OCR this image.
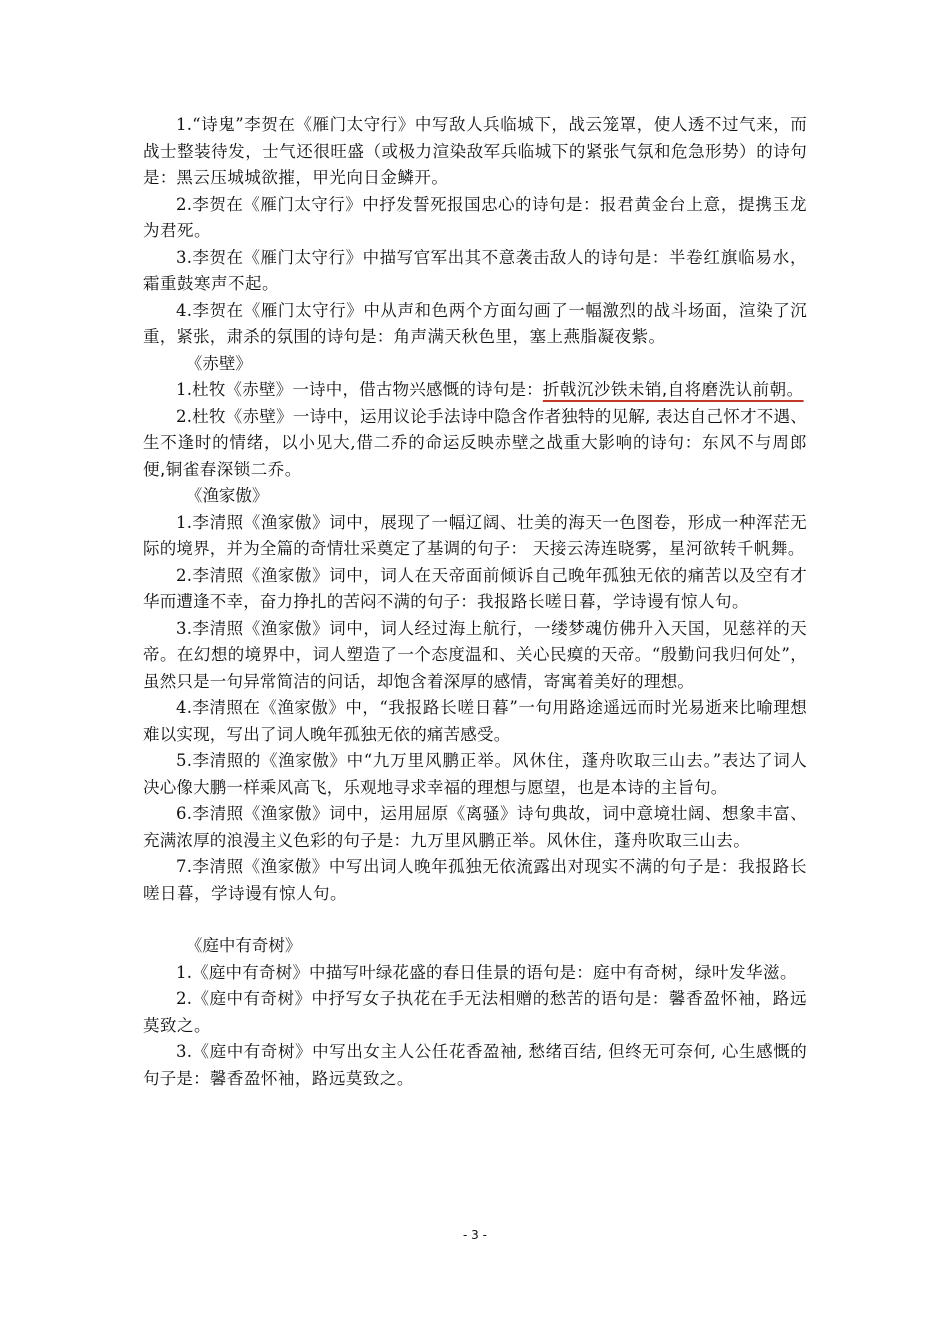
1.“诗鬼”李贺在《雁门太守行》中写敌人兵临城下，战云笼罩，使人透不过气来，而战士整装待发，士气还很旺盛（或极力渲染敌军兵临城下的紧张气氛和危急形势）的诗句是：黑云压城城欲摧，甲光向日金鳞开。

2.李贺在《雁门太守行》中抒发誓死报国忠心的诗句是：报君黄金台上意，提携玉龙为君死。

3.李贺在《雁门太守行》中描写官军出其不意袭击敌人的诗句是：半卷红旗临易水，霜重鼓寒声不起。

4.李贺在《雁门太守行》中从声和色两个方面勾画了一幅激烈的战斗场面，渲染了沉重，紧张，肃杀的氛围的诗句是：角声满天秋色里，塞上燕脂凝夜紫。

《赤壁》

1.杜牧《赤壁》一诗中，借古物兴感慨的诗句是：折戟沉沙铁未销,自将磨洗认前朝。

2.杜牧《赤壁》一诗中，运用议论手法诗中隐含作者独特的见解, 表达自己怀才不遇、生不逢时的情绪，以小见大,借二乔的命运反映赤壁之战重大影响的诗句：东风不与周郎便,铜雀春深锁二乔。

《渔家傲》

1.李清照《渔家傲》词中，展现了一幅辽阔、壮美的海天一色图卷，形成一种浑茫无际的境界，并为全篇的奇情壮采奠定了基调的句子： 天接云涛连晓雾，星河欲转千帆舞。

2.李清照《渔家傲》词中，词人在天帝面前倾诉自己晚年孤独无依的痛苦以及空有才华而遭逢不幸，奋力挣扎的苦闷不满的句子：我报路长嗟日暮，学诗谩有惊人句。

3.李清照《渔家傲》词中，词人经过海上航行，一缕梦魂仿佛升入天国，见慈祥的天帝。在幻想的境界中，词人塑造了一个态度温和、关心民瘼的天帝。“殷勤问我归何处”，虽然只是一句异常简洁的问话，却饱含着深厚的感情，寄寓着美好的理想。

4.李清照在《渔家傲》中，“我报路长嗟日暮”一句用路途遥远而时光易逝来比喻理想难以实现，写出了词人晚年孤独无依的痛苦感受。

5.李清照的《渔家傲》中“九万里风鹏正举。风休住，蓬舟吹取三山去。”表达了词人决心像大鹏一样乘风高飞，乐观地寻求幸福的理想与愿望，也是本诗的主旨句。

6.李清照《渔家傲》词中，运用屈原《离骚》诗句典故，词中意境壮阔、想象丰富、充满浓厚的浪漫主义色彩的句子是：九万里风鹏正举。风休住，蓬舟吹取三山去。

7.李清照《渔家傲》中写出词人晚年孤独无依流露出对现实不满的句子是：我报路长嗟日暮，学诗谩有惊人句。

《庭中有奇树》

1.《庭中有奇树》中描写叶绿花盛的春日佳景的语句是：庭中有奇树，绿叶发华滋。

2.《庭中有奇树》中抒写女子执花在手无法相赠的愁苦的语句是：馨香盈怀袖，路远莫致之。

3.《庭中有奇树》中写出女主人公任花香盈袖, 愁绪百结, 但终无可奈何, 心生感慨的句子是：馨香盈怀袖，路远莫致之。

- 3 -
